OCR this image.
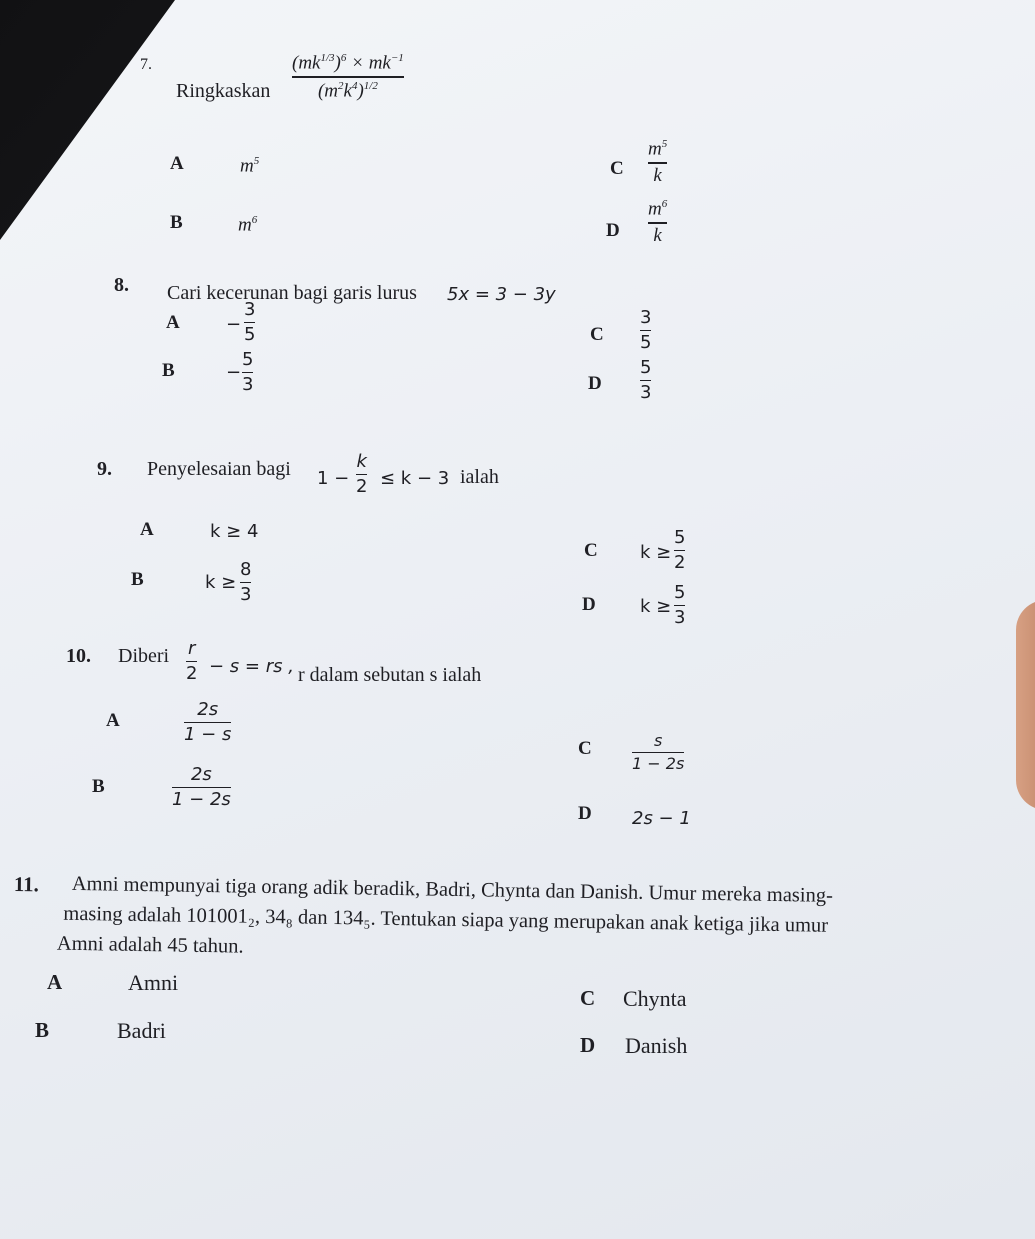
7.
Ringkaskan
$(mk^{1/3})^6 \times mk^{-1}$
$(m^2k^4)^{1/2}$
A	$m^5$
B	$m^6$
C
$m^5$
k
D
$m^6$
k
8. Cari kecerunan bagi garis lurus 5x = 3 − 3y
A	−
3
5
B	−
5
3
C
3
5
D
5
3
9. Penyelesaian bagi 1 −
k
2 ≤ k − 3 ialah
A	k ≥ 4
B	k ≥
8
3
C k ≥
5
2
D k ≥
5
3
10. Diberi r
2 − s = rs , r dalam sebutan s ialah
A
2s
1 − s
B
2s
1 − 2s
C	s
1 − 2s
D 2s − 1
11. Amni mempunyai tiga orang adik beradik, Badri, Chynta dan Danish. Umur mereka masing-
masing adalah 101001₂, 34₈ dan 134₅. Tentukan siapa yang merupakan anak ketiga jika umur
Amni adalah 45 tahun.
A	Amni
B	Badri
C Chynta
D Danish
